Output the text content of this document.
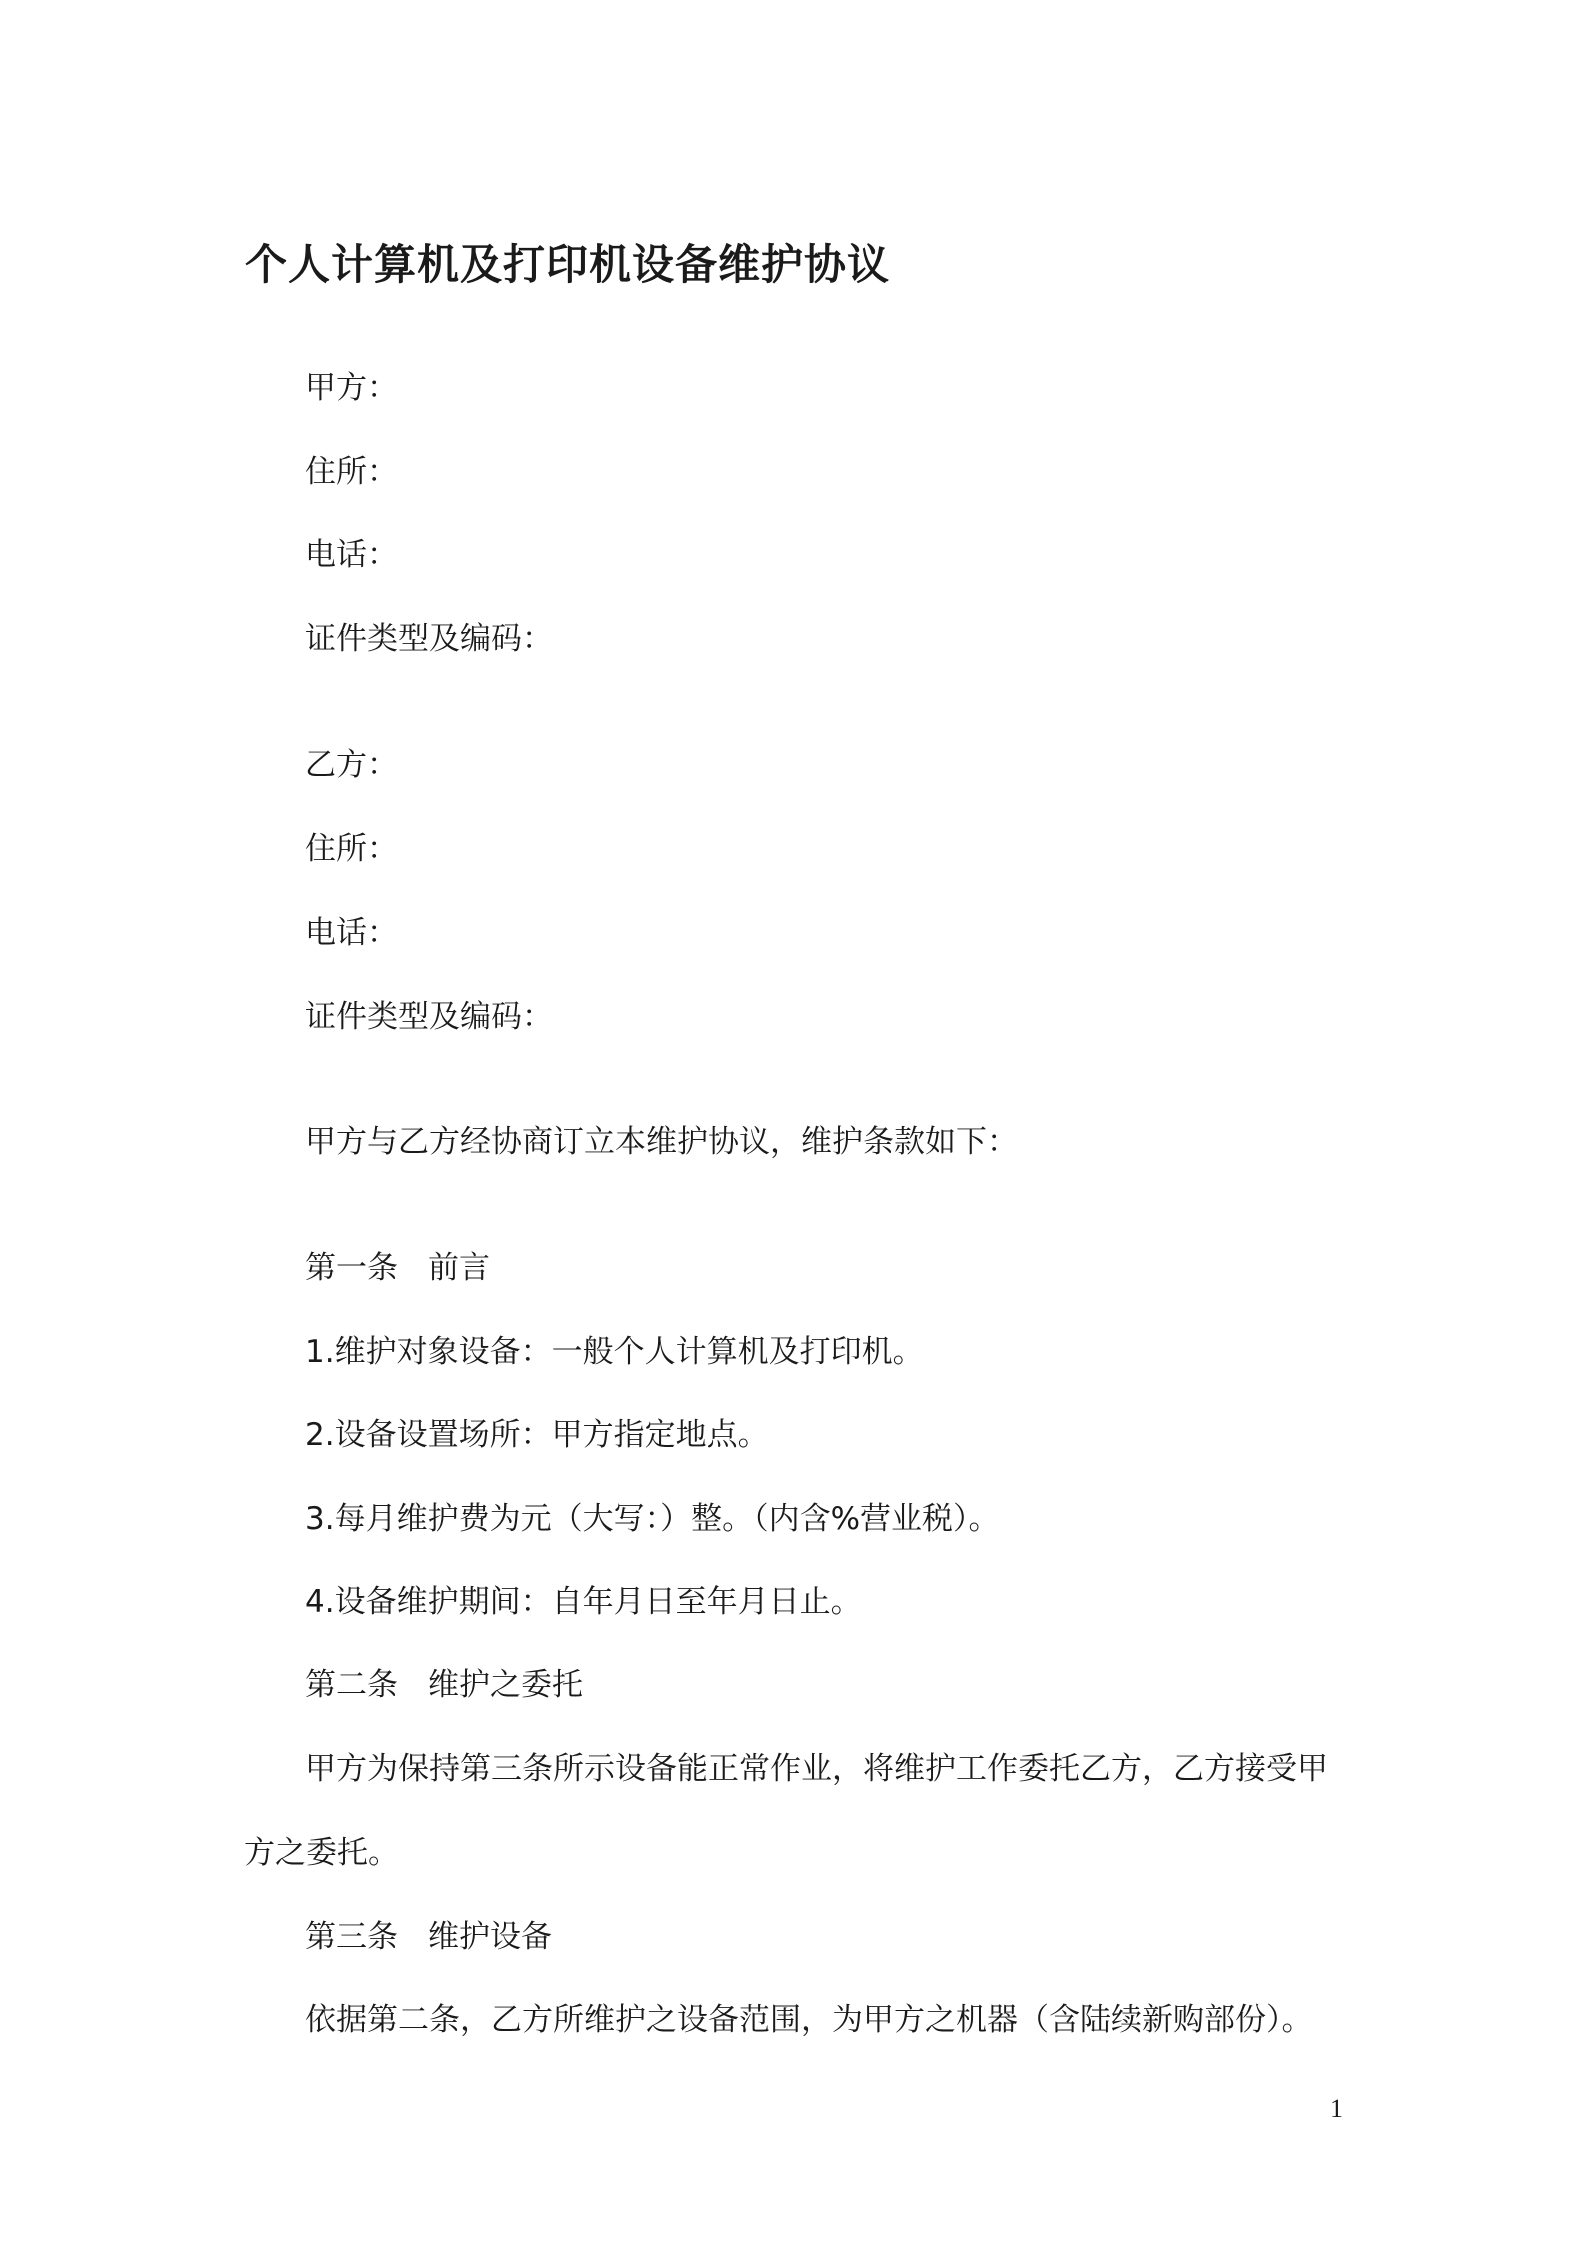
个人计算机及打印机设备维护协议
甲方：
住所：
电话：
证件类型及编码：
乙方：
住所：
电话：
证件类型及编码：
甲方与乙方经协商订立本维护协议，维护条款如下：
第一条 前言
1.维护对象设备：一般个人计算机及打印机。
2.设备设置场所：甲方指定地点。
3.每月维护费为元（大写：）整。（内含%营业税）。
4.设备维护期间：自年月日至年月日止。
第二条 维护之委托
甲方为保持第三条所示设备能正常作业，将维护工作委托乙方，乙方接受甲
方之委托。
第三条 维护设备
依据第二条，乙方所维护之设备范围，为甲方之机器（含陆续新购部份）。
1
